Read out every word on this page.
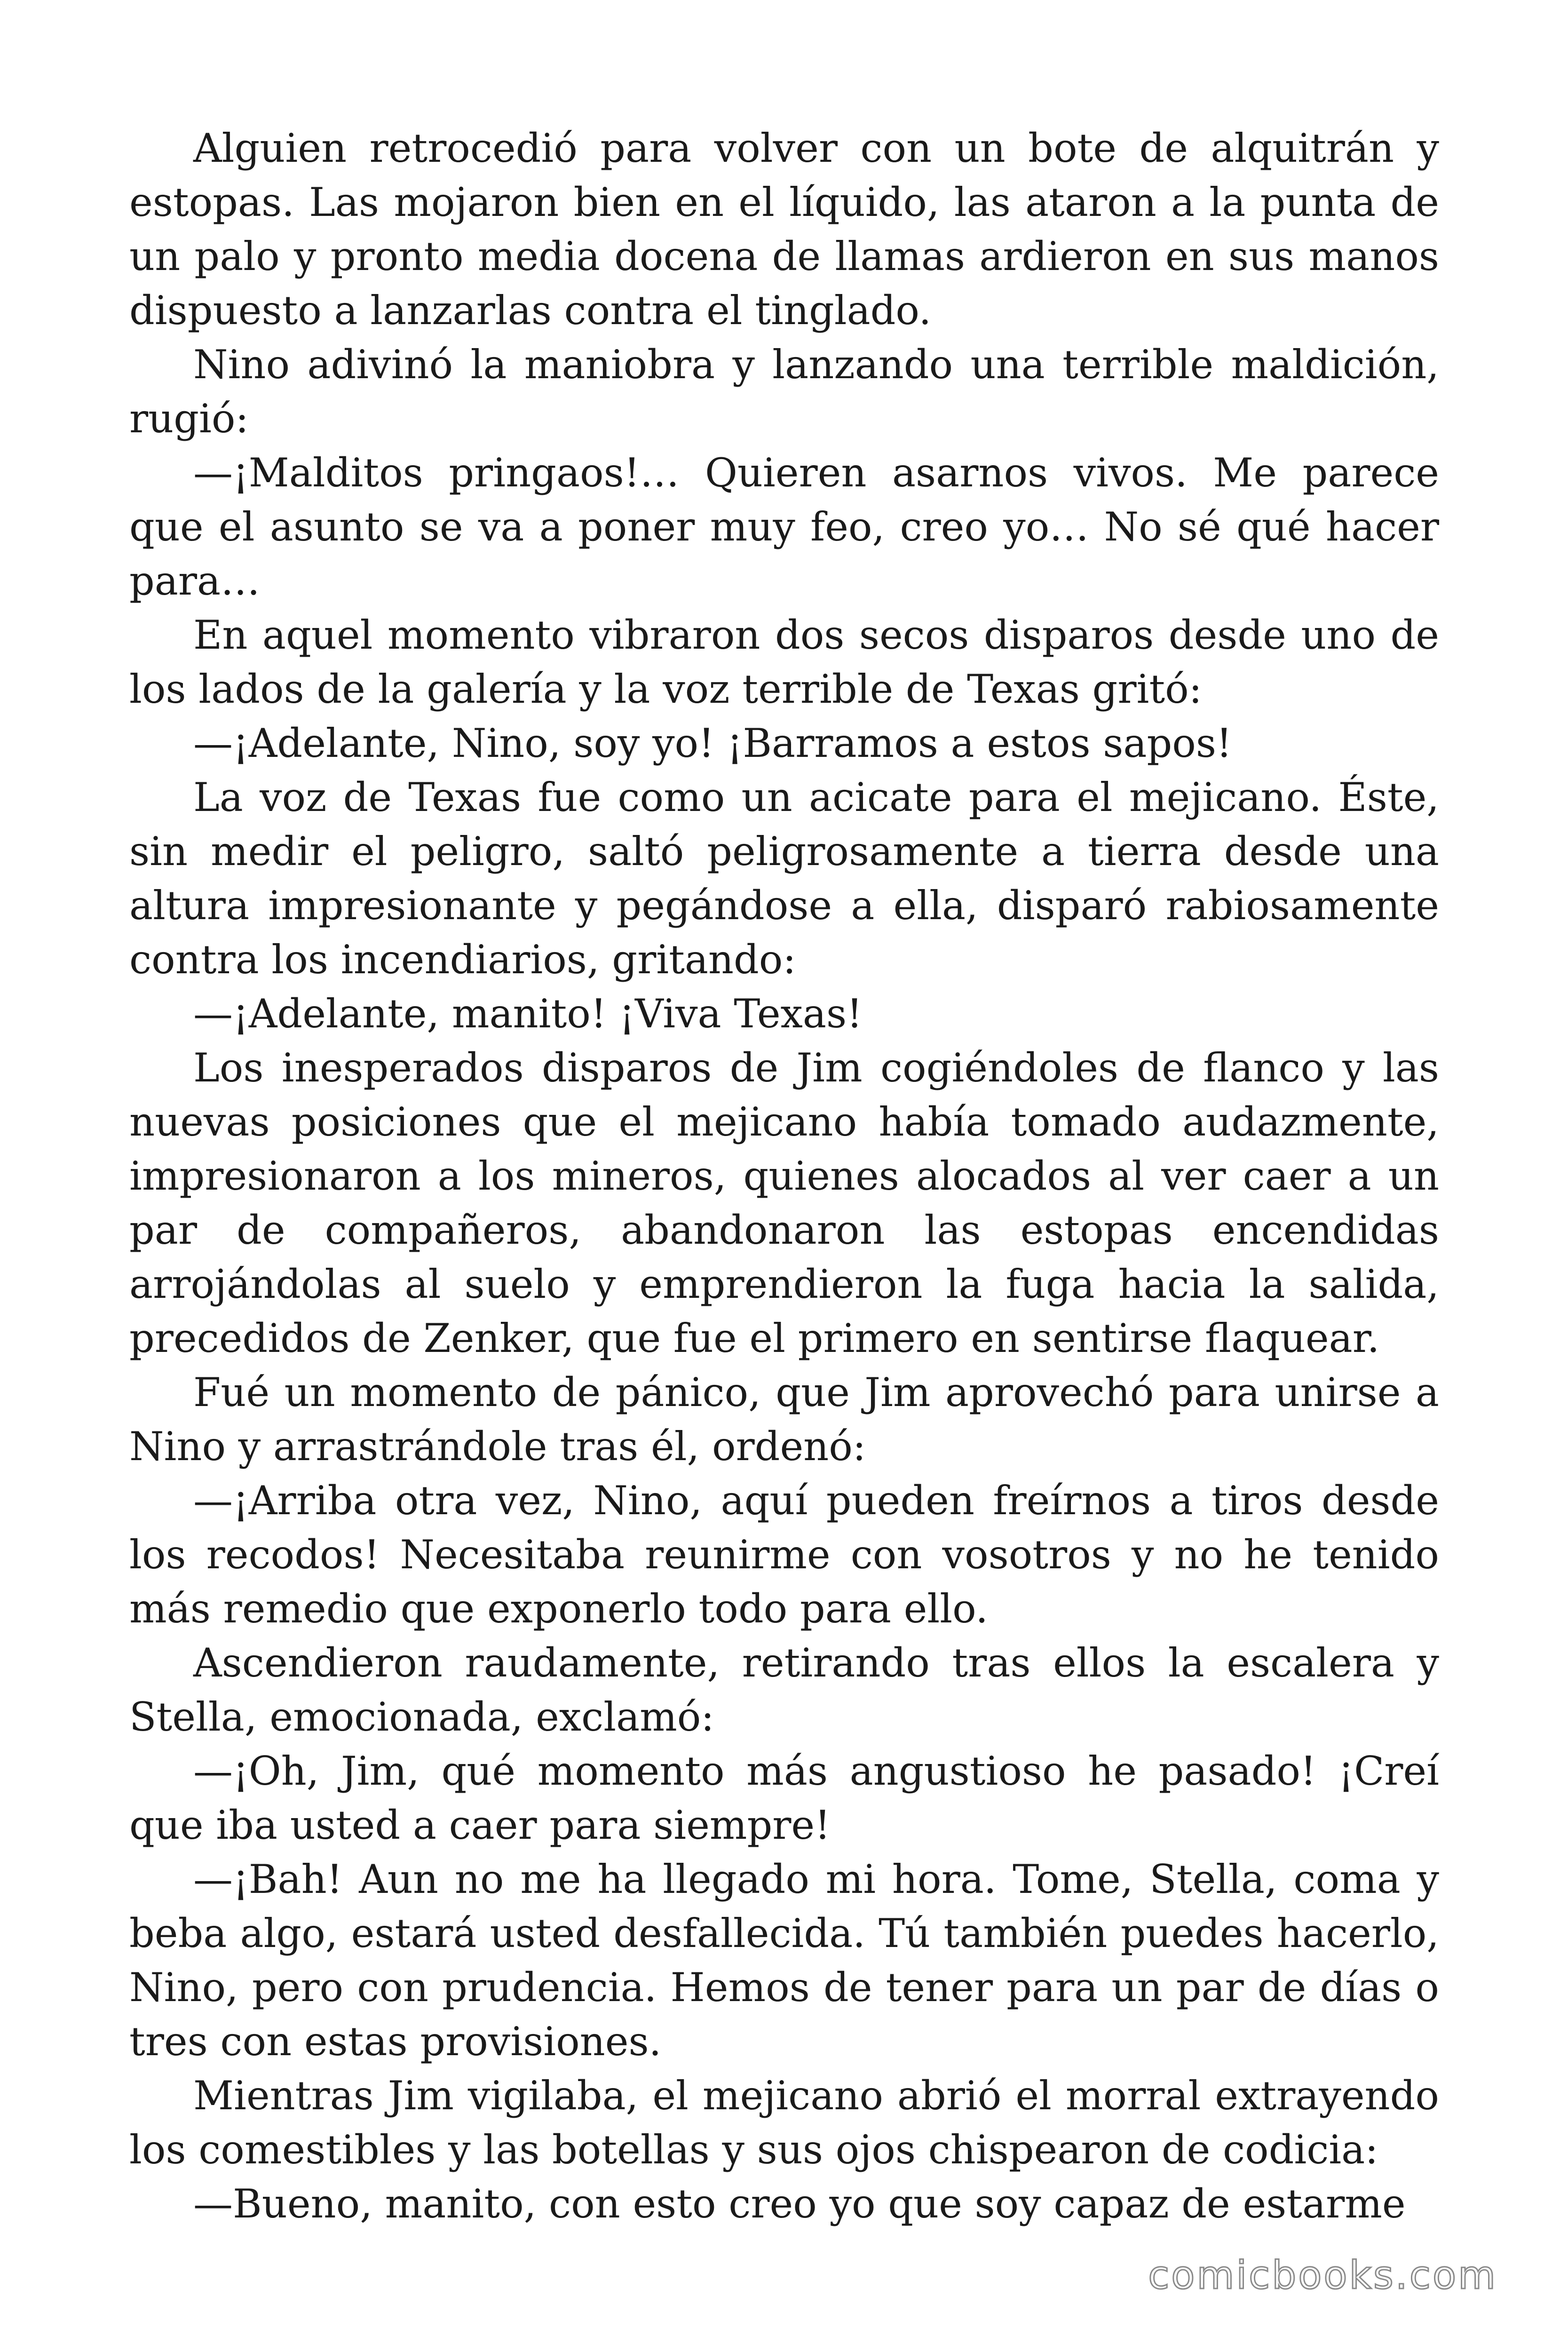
Alguien retrocedió para volver con un bote de alquitrán y estopas. Las mojaron bien en el líquido, las ataron a la punta de un palo y pronto media docena de llamas ardieron en sus manos dispuesto a lanzarlas contra el tinglado.

Nino adivinó la maniobra y lanzando una terrible maldición, rugió:

—¡Malditos pringaos!… Quieren asarnos vivos. Me parece que el asunto se va a poner muy feo, creo yo… No sé qué hacer para…

En aquel momento vibraron dos secos disparos desde uno de los lados de la galería y la voz terrible de Texas gritó:

—¡Adelante, Nino, soy yo! ¡Barramos a estos sapos!

La voz de Texas fue como un acicate para el mejicano. Éste, sin medir el peligro, saltó peligrosamente a tierra desde una altura impresionante y pegándose a ella, disparó rabiosamente contra los incendiarios, gritando:

—¡Adelante, manito! ¡Viva Texas!

Los inesperados disparos de Jim cogiéndoles de flanco y las nuevas posiciones que el mejicano había tomado audazmente, impresionaron a los mineros, quienes alocados al ver caer a un par de compañeros, abandonaron las estopas encendidas arrojándolas al suelo y emprendieron la fuga hacia la salida, precedidos de Zenker, que fue el primero en sentirse flaquear.

Fué un momento de pánico, que Jim aprovechó para unirse a Nino y arrastrándole tras él, ordenó:

—¡Arriba otra vez, Nino, aquí pueden freírnos a tiros desde los recodos! Necesitaba reunirme con vosotros y no he tenido más remedio que exponerlo todo para ello.

Ascendieron raudamente, retirando tras ellos la escalera y Stella, emocionada, exclamó:

—¡Oh, Jim, qué momento más angustioso he pasado! ¡Creí que iba usted a caer para siempre!

—¡Bah! Aun no me ha llegado mi hora. Tome, Stella, coma y beba algo, estará usted desfallecida. Tú también puedes hacerlo, Nino, pero con prudencia. Hemos de tener para un par de días o tres con estas provisiones.

Mientras Jim vigilaba, el mejicano abrió el morral extrayendo los comestibles y las botellas y sus ojos chispearon de codicia:

—Bueno, manito, con esto creo yo que soy capaz de estarme

comicbooks.com
